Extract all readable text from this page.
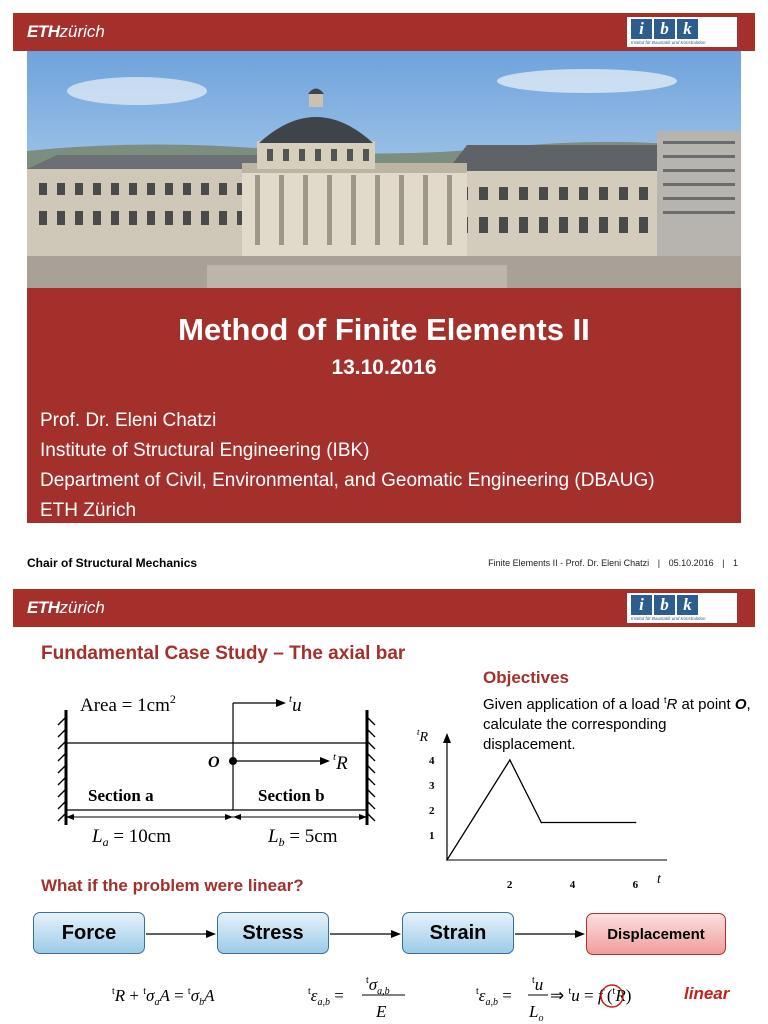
ETHzürich	i b k
Institut für Baustatik und Konstruktion
Method of Finite Elements II
13.10.2016
Prof. Dr. Eleni Chatzi
Institute of Structural Engineering (IBK)
Department of Civil, Environmental, and Geomatic Engineering (DBAUG)
ETH Zürich
Chair of Structural Mechanics	Finite Elements II - Prof. Dr. Eleni Chatzi | 05.10.2016 | 1
ETHzürich	i b k
Institut für Baustatik und Konstruktion
Fundamental Case Study – The axial bar
Objectives
Given application of a load $^t$R at point O, calculate the corresponding displacement.
Area = $1cm^2$	$^t$u
O	$^t$R
Section a	Section b
$L_a = 10cm$	$L_b = 5cm$
$^t$R
t
1
2
3
4
2	4	6
What if the problem were linear?
Force	Stress	Strain	Displacement
$^tR + ^t\sigma_aA = ^t\sigma_bA$	$^t\varepsilon_{a,b}$ =
$^t\sigma_{a,b}$
E
$^t\varepsilon_{a,b}$ =
$^t$u
$L_o$
⇒ $^t$u = f ($^t$R)	linear
